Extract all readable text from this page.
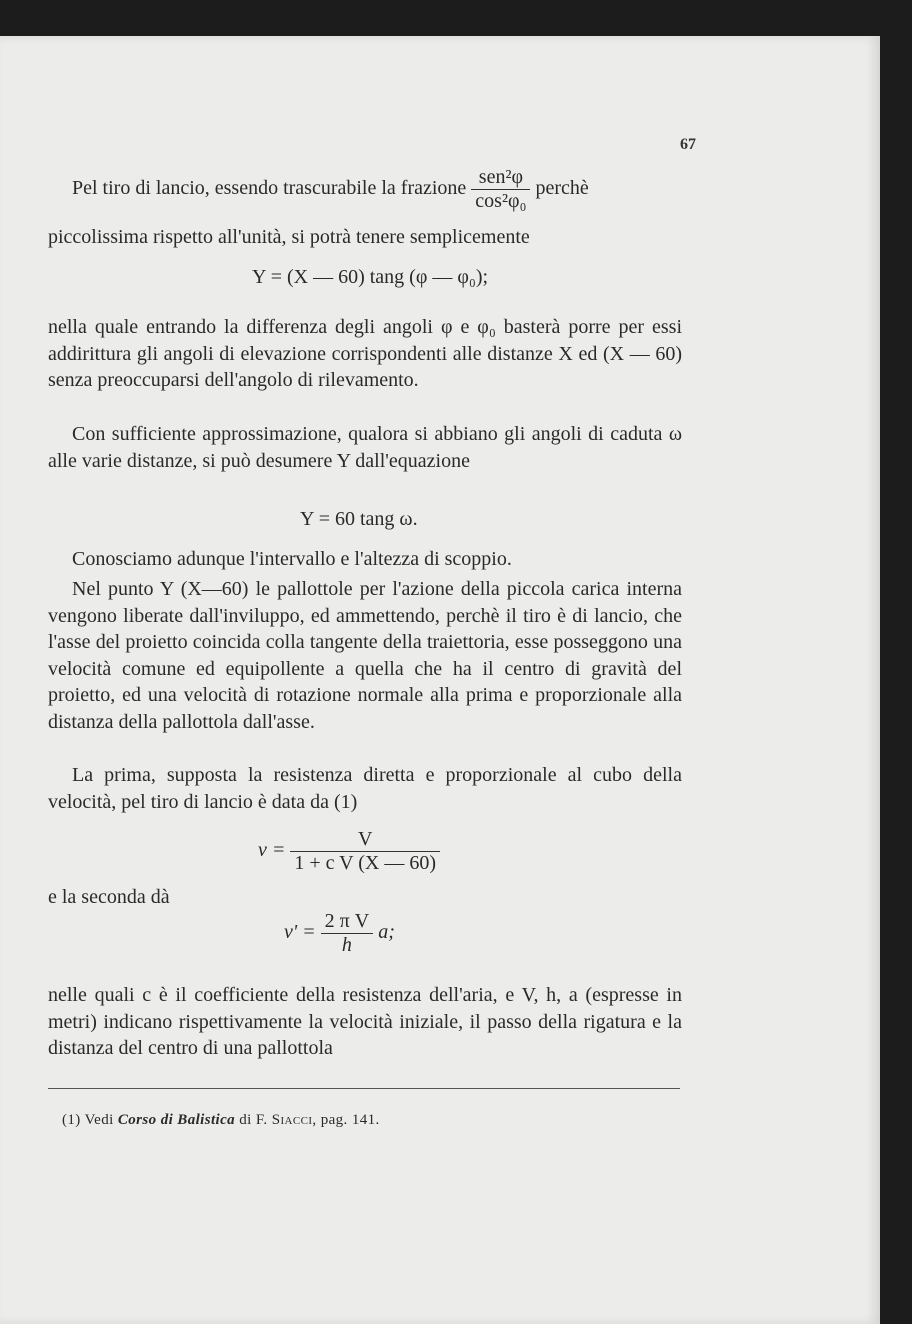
67
Pel tiro di lancio, essendo trascurabile la frazione $\frac{\text{sen²φ}}{\text{cos²φ₀}}$ perchè

piccolissima rispetto all'unità, si potrà tenere semplicemente

Y = (X — 60) tang (φ — φ₀);

nella quale entrando la differenza degli angoli φ e φ₀ basterà porre per essi addirittura gli angoli di elevazione corrispondenti alle distanze X ed (X — 60) senza preoccuparsi dell'angolo di rilevamento.

Con sufficiente approssimazione, qualora si abbiano gli angoli di caduta ω alle varie distanze, si può desumere Y dall'equazione

Y = 60 tang ω.

Conosciamo adunque l'intervallo e l'altezza di scoppio.

Nel punto Y (X—60) le pallottole per l'azione della piccola carica interna vengono liberate dall'inviluppo, ed ammettendo, perchè il tiro è di lancio, che l'asse del proietto coincida colla tangente della traiettoria, esse posseggono una velocità comune ed equipollente a quella che ha il centro di gravità del proietto, ed una velocità di rotazione normale alla prima e proporzionale alla distanza della pallottola dall'asse.

La prima, supposta la resistenza diretta e proporzionale al cubo della velocità, pel tiro di lancio è data da (1)

$v = \frac{V}{\text{1 + c V (X — 60)}}$
e la seconda dà
$v' = \frac{\text{2 π V}}{h} a$;

nelle quali c è il coefficiente della resistenza dell'aria, e V, h, a (espresse in metri) indicano rispettivamente la velocità iniziale, il passo della rigatura e la distanza del centro di una pallottola

(1) Vedi Corso di Balistica di F. Siacci, pag. 141.
